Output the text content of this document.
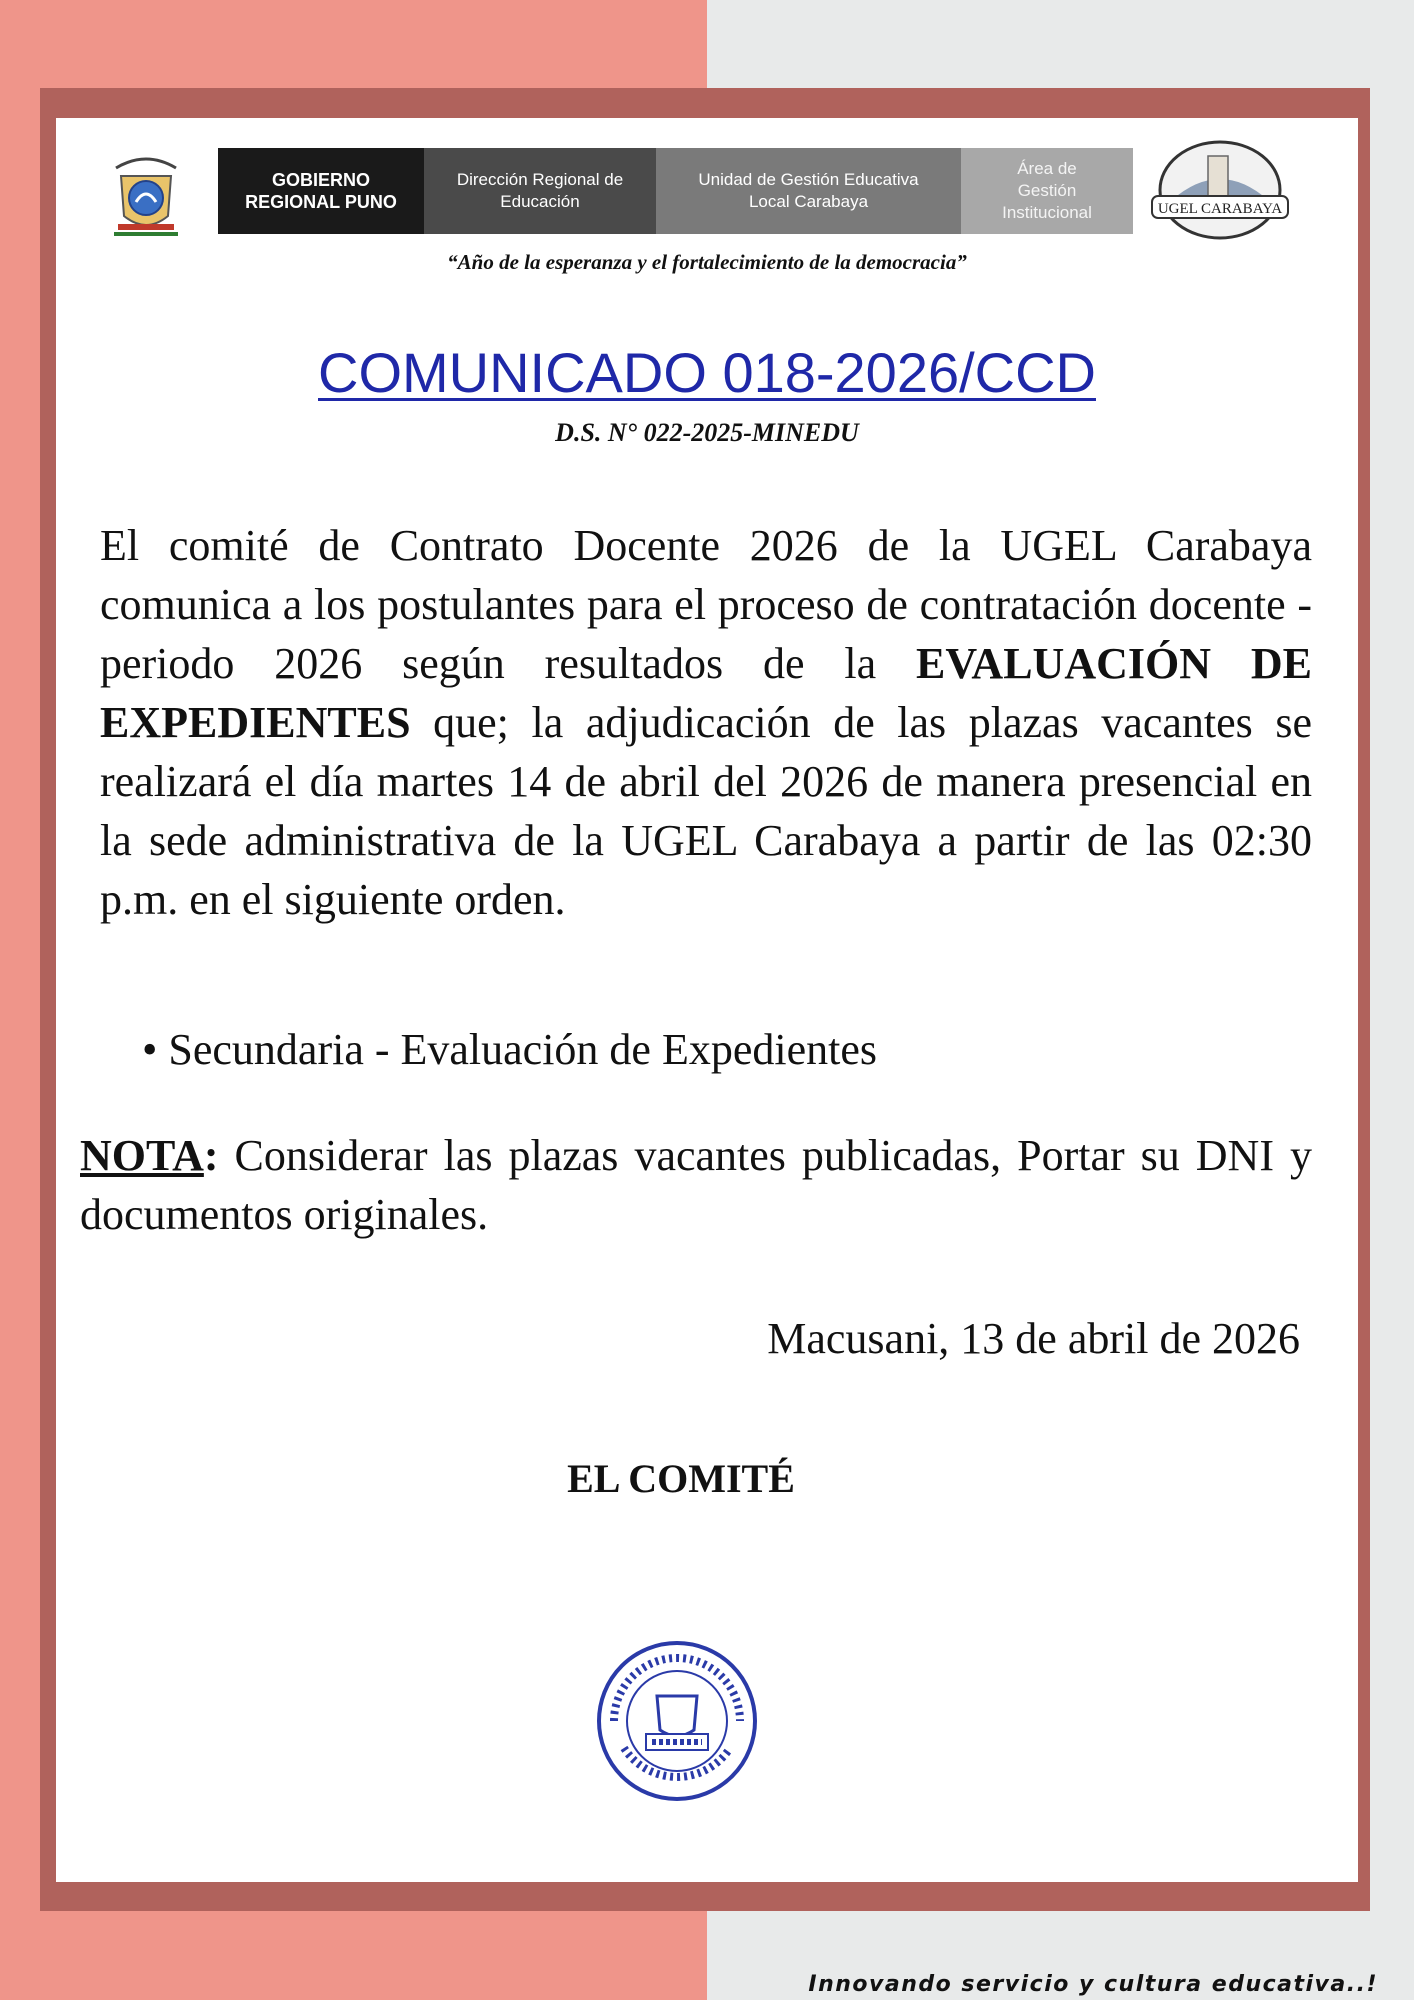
GOBIERNO
REGIONAL PUNO
Dirección Regional de
Educación
Unidad de Gestión Educativa
Local Carabaya
Área de
Gestión
Institucional	UGEL CARABAYA
“Año de la esperanza y el fortalecimiento de la democracia”
COMUNICADO 018-2026/CCD
D.S. N° 022-2025-MINEDU

El comité de Contrato Docente 2026 de la UGEL Carabaya comunica a los postulantes para el proceso de contratación docente - periodo 2026 según resultados de la EVALUACIÓN DE EXPEDIENTES que; la adjudicación de las plazas vacantes se realizará el día martes 14 de abril del 2026 de manera presencial en la sede administrativa de la UGEL Carabaya a partir de las 02:30 p.m. en el siguiente orden.

• Secundaria - Evaluación de Expedientes

NOTA: Considerar las plazas vacantes publicadas, Portar su DNI y documentos originales.

Macusani, 13 de abril de 2026
EL COMITÉ
Innovando servicio y cultura educativa..!
